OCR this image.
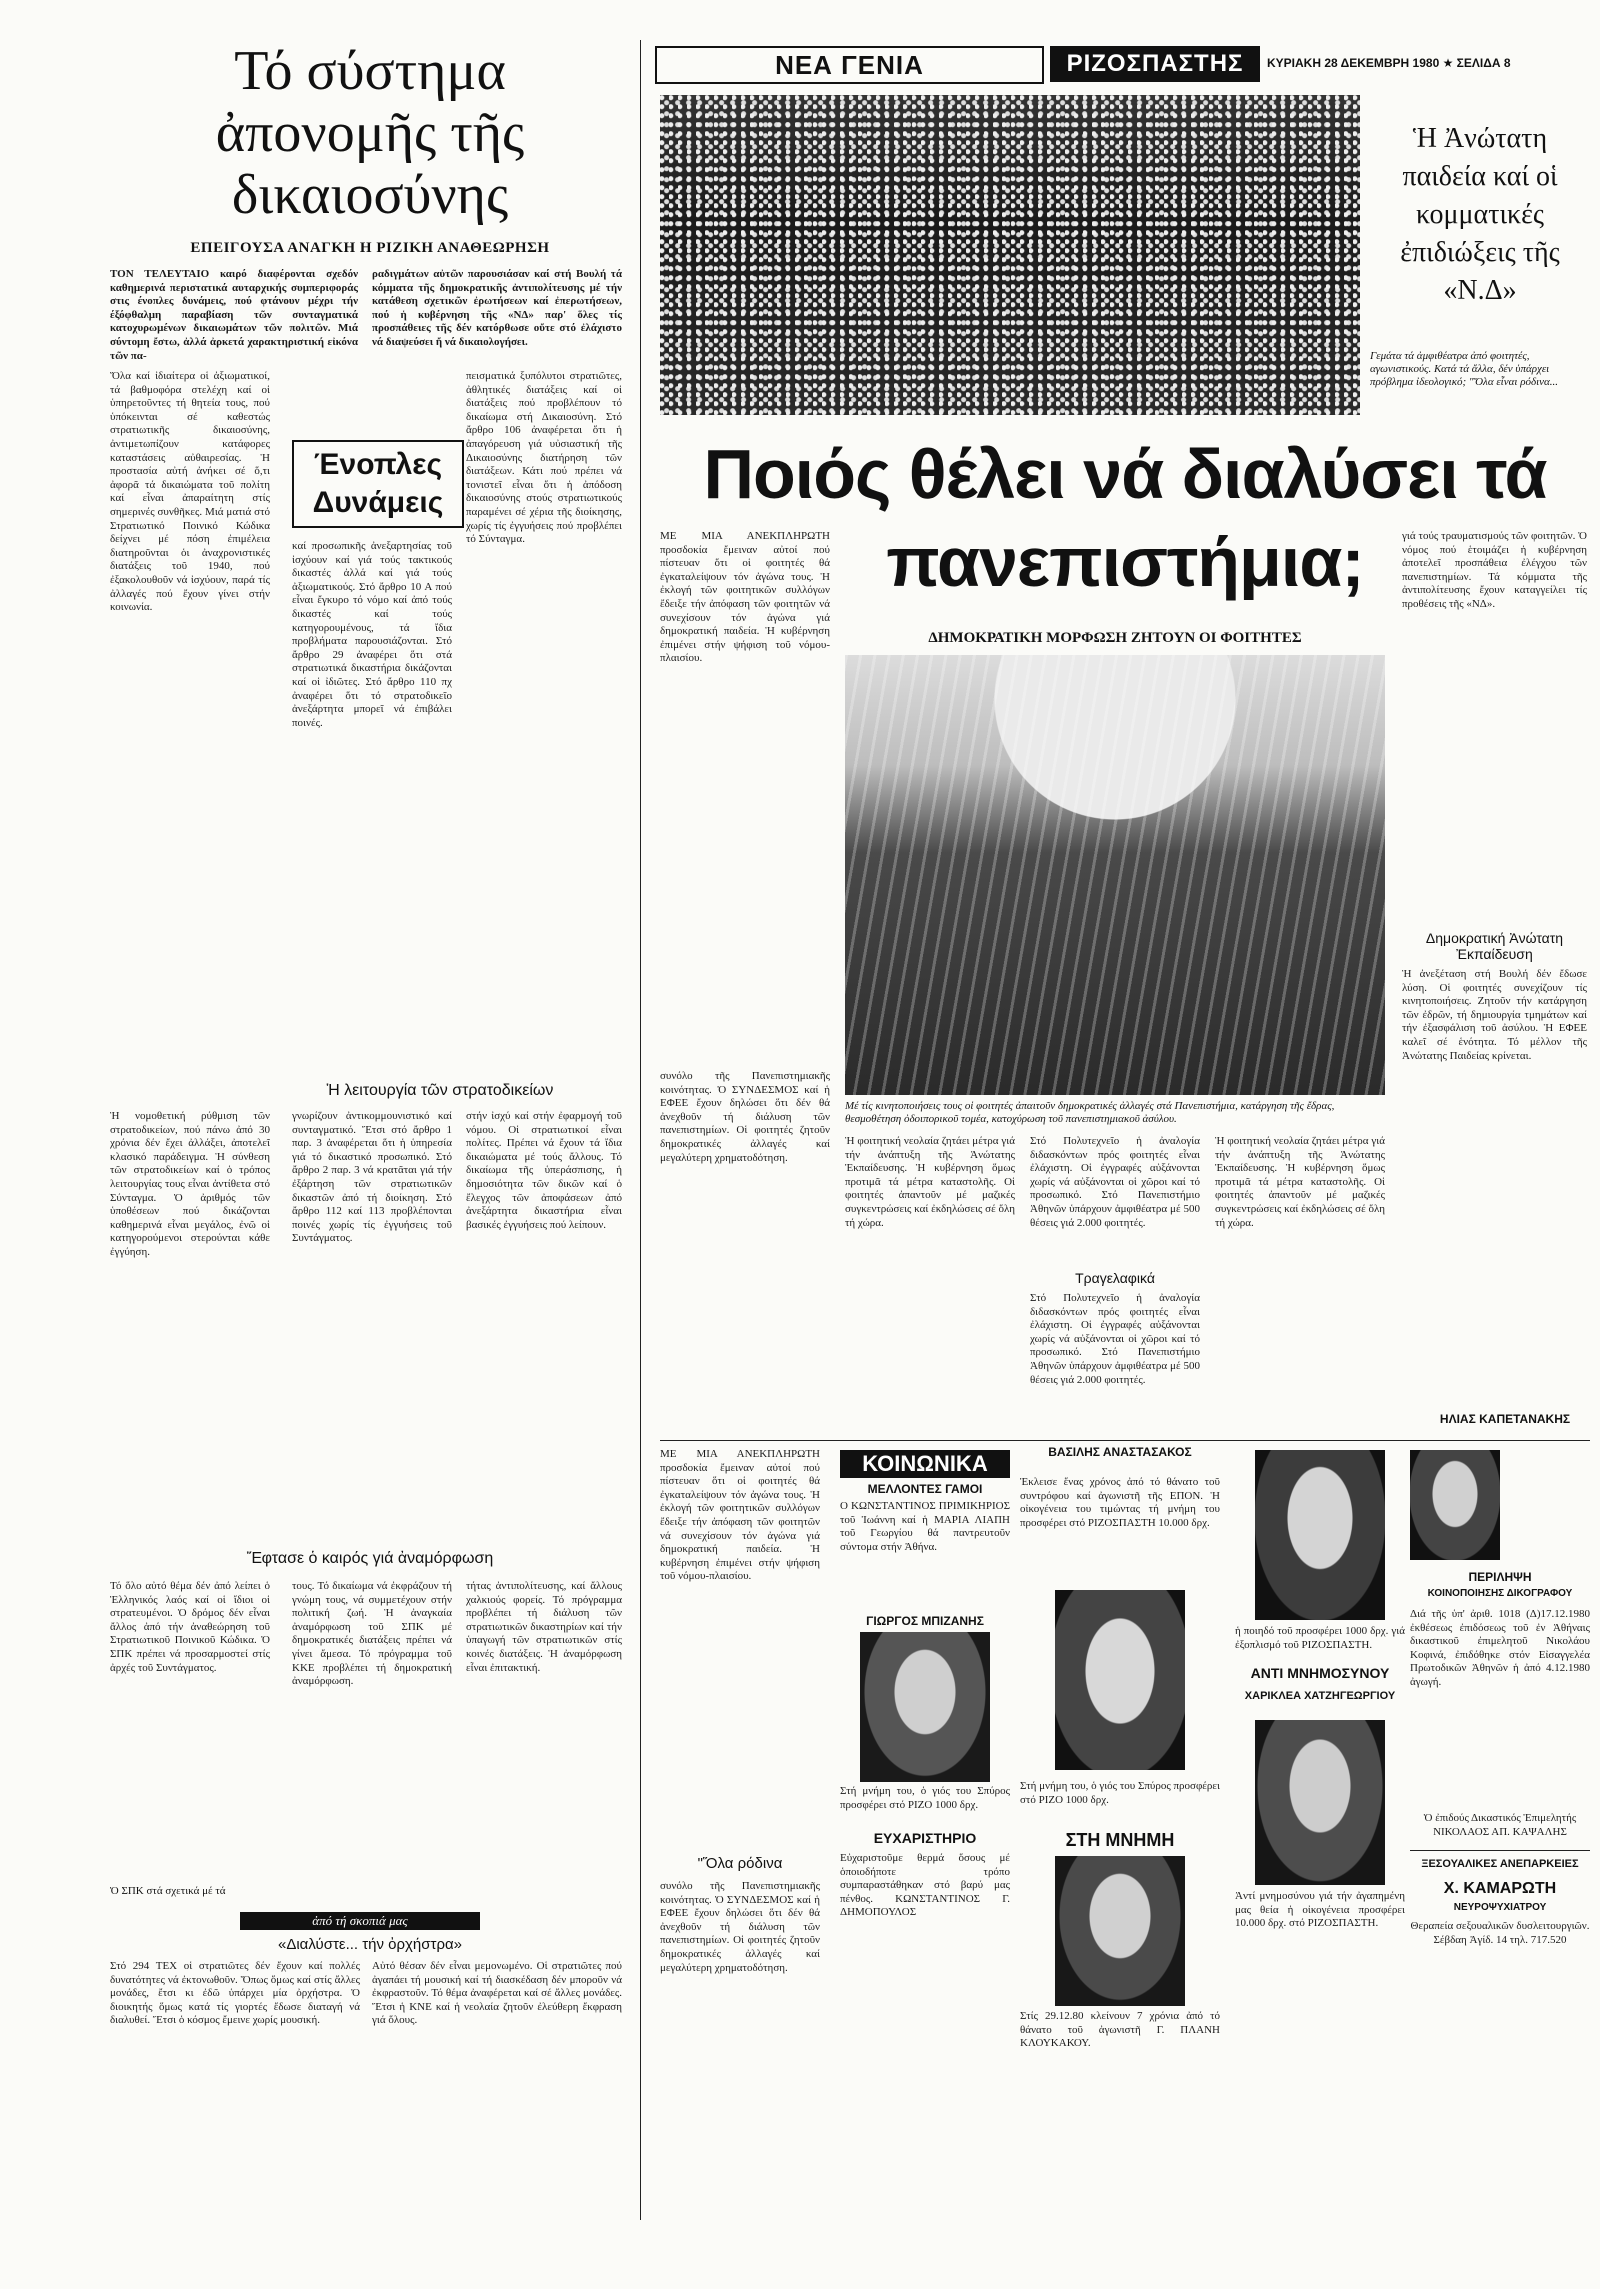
Τό σύστημα ἀπονομῆς τῆς δικαιοσύνης
ΕΠΕΙΓΟΥΣΑ ΑΝΑΓΚΗ Η ΡΙΖΙΚΗ ΑΝΑΘΕΩΡΗΣΗ
ΤΟΝ ΤΕΛΕΥΤΑΙΟ καιρό διαφέρονται σχεδόν καθημερινά περιστατικά αυταρχικής συμπεριφοράς στις ένοπλες δυνάμεις, πού φτάνουν μέχρι τήν έξόφθαλμη παραβίαση τῶν συνταγματικά κατοχυρωμένων δικαιωμάτων τῶν πολιτῶν. Μιά σύντομη ἔστω, ἀλλά ἀρκετά χαρακτηριστική εἰκόνα τῶν πα-
ραδιγμάτων αὐτῶν παρουσιάσαν καί στή Βουλή τά κόμματα τῆς δημοκρατικῆς ἀντιπολίτευσης μέ τήν κατάθεση σχετικῶν ἐρωτήσεων καί ἐπερωτήσεων, πού ἡ κυβέρνηση τῆς «ΝΔ» παρ' ὅλες τίς προσπάθειες τῆς δέν κατόρθωσε οὔτε στό ἐλάχιστο νά διαψεύσει ἤ νά δικαιολογήσει.
Ὅλα καί ἰδιαίτερα οἱ ἀξιωματικοί, τά βαθμοφόρα στελέχη καί οἱ ὑπηρετοῦντες τή θητεία τους, πού ὑπόκεινται σέ καθεστώς στρατιωτικῆς δικαιοσύνης, ἀντιμετωπίζουν κατάφορες καταστάσεις αὐθαιρεσίας. Ἡ προστασία αὐτή ἀνήκει σέ ὅ,τι ἀφορᾶ τά δικαιώματα τοῦ πολίτη καί εἶναι ἀπαραίτητη στίς σημερινές συνθῆκες. Μιά ματιά στό Στρατιωτικό Ποινικό Κώδικα δείχνει μέ πόση ἐπιμέλεια διατηροῦνται ὁι ἀναχρονιστικές διατάξεις τοῦ 1940, πού ἐξακολουθοῦν νά ἰσχύουν, παρά τίς ἀλλαγές πού ἔχουν γίνει στήν κοινωνία.
Ένοπλες Δυνάμεις
καί προσωπικῆς ἀνεξαρτησίας τοῦ ἰσχύουν καί γιά τούς τακτικούς δικαστές ἀλλά καί γιά τούς ἀξιωματικούς. Στό ἄρθρο 10 Α πού εἶναι ἔγκυρο τό νόμο καί ἀπό τούς δικαστές καί τούς κατηγορουμένους, τά ἴδια προβλήματα παρουσιάζονται. Στό ἄρθρο 29 ἀναφέρει ὅτι στά στρατιωτικά δικαστήρια δικάζονται καί οἱ ἰδιῶτες. Στό ἄρθρο 110 πχ ἀναφέρει ὅτι τό στρατοδικεῖο ἀνεξάρτητα μπορεῖ νά ἐπιβάλει ποινές.
πεισματικά ξυπόλυτοι στρατιῶτες, ἀθλητικές διατάξεις καί οἱ διατάξεις πού προβλέπουν τό δικαίωμα στή Δικαιοσύνη. Στό ἄρθρο 106 ἀναφέρεται ὅτι ἡ ἀπαγόρευση γιά υὐσιαστική τῆς Δικαιοσύνης διατήρηση τῶν διατάξεων. Κάτι πού πρέπει νά τονιστεῖ εἶναι ὅτι ἡ ἀπόδοση δικαιοσύνης στούς στρατιωτικούς παραμένει σέ χέρια τῆς διοίκησης, χωρίς τίς ἐγγυήσεις πού προβλέπει τό Σύνταγμα.
Ἡ λειτουργία τῶν στρατοδικείων
Ἡ νομοθετική ρύθμιση τῶν στρατοδικείων, πού πάνω ἀπό 30 χρόνια δέν ἔχει ἀλλάξει, ἀποτελεῖ κλασικό παράδειγμα. Ἡ σύνθεση τῶν στρατοδικείων καί ὁ τρόπος λειτουργίας τους εἶναι ἀντίθετα στό Σύνταγμα. Ὁ ἀριθμός τῶν ὑποθέσεων πού δικάζονται καθημερινά εἶναι μεγάλος, ἐνῶ οἱ κατηγορούμενοι στερούνται κάθε ἐγγύηση.
γνωρίζουν ἀντικομμουνιστικό καί συνταγματικό. Ἔτσι στό ἄρθρο 1 παρ. 3 ἀναφέρεται ὅτι ἡ ὑπηρεσία γιά τό δικαστικό προσωπικό. Στό ἄρθρο 2 παρ. 3 νά κρατᾶται γιά τήν ἐξάρτηση τῶν στρατιωτικῶν δικαστῶν ἀπό τή διοίκηση. Στό ἄρθρο 112 καί 113 προβλέπονται ποινές χωρίς τίς ἐγγυήσεις τοῦ Συντάγματος.
στήν ἰσχύ καί στήν ἐφαρμογή τοῦ νόμου. Οἱ στρατιωτικοί εἶναι πολίτες. Πρέπει νά ἔχουν τά ἴδια δικαιώματα μέ τούς ἄλλους. Τό δικαίωμα τῆς ὑπεράσπισης, ἡ δημοσιότητα τῶν δικῶν καί ὁ ἔλεγχος τῶν ἀποφάσεων ἀπό ἀνεξάρτητα δικαστήρια εἶναι βασικές ἐγγυήσεις πού λείπουν.
Ἔφτασε ὁ καιρός γιά ἀναμόρφωση
Τό ὅλο αὐτό θέμα δέν ἀπό λείπει ὁ Ἑλληνικός λαός καί οἱ ἴδιοι οἱ στρατευμένοι. Ὁ δρόμος δέν εἶναι ἄλλος ἀπό τήν ἀναθεώρηση τοῦ Στρατιωτικοῦ Ποινικοῦ Κώδικα. Ὁ ΣΠΚ πρέπει νά προσαρμοστεί στίς ἀρχές τοῦ Συντάγματος.
τους. Τό δικαίωμα νά ἐκφράζουν τή γνώμη τους, νά συμμετέχουν στήν πολιτική ζωή. Ἡ ἀναγκαία ἀναμόρφωση τοῦ ΣΠΚ μέ δημοκρατικές διατάξεις πρέπει νά γίνει ἄμεσα. Τό πρόγραμμα τοῦ ΚΚΕ προβλέπει τή δημοκρατική ἀναμόρφωση.
τήτας ἀντιπολίτευσης, καί ἄλλους χαλκιούς φορείς. Τό πρόγραμμα προβλέπει τή διάλυση τῶν στρατιωτικῶν δικαστηρίων καί τήν ὑπαγωγή τῶν στρατιωτικῶν στίς κοινές διατάξεις. Ἡ ἀναμόρφωση εἶναι ἐπιτακτική.
Ὁ ΣΠΚ στά σχετικά μέ τά
ἀπό τή σκοπιά μας
«Διαλύστε... τήν ὀρχήστρα»
Στό 294 ΤΕΧ οἱ στρατιῶτες δέν ἔχουν καί πολλές δυνατότητες νά ἐκτονωθοῦν. Ὅπως ὅμως καί στίς ἄλλες μονάδες, ἔτσι κι ἐδῶ ὑπάρχει μία ὀρχήστρα. Ὁ διοικητής ὅμως κατά τίς γιορτές ἔδωσε διαταγή νά διαλυθεί. Ἔτσι ὁ κόσμος ἔμεινε χωρίς μουσική.
Αὐτό θέσαν δέν εἶναι μεμονωμένο. Οἱ στρατιῶτες πού ἀγαπάει τή μουσική καί τή διασκέδαση δέν μποροῦν νά ἐκφραστοῦν. Τό θέμα ἀναφέρεται καί σέ ἄλλες μονάδες. Ἔτσι ἡ ΚΝΕ καί ἡ νεολαία ζητοῦν ἐλεύθερη ἔκφραση γιά ὅλους.
ΝΕΑ ΓΕΝΙΑ	ΡΙΖΟΣΠΑΣΤΗΣ	ΚΥΡΙΑΚΗ 28 ΔΕΚΕΜΒΡΗ 1980 ★ ΣΕΛΙΔΑ 8
Ἡ Ἀνώτατη παιδεία καί οἱ κομματικές ἐπιδιώξεις τῆς «Ν.Δ»
Γεμάτα τά ἀμφιθέατρα ἀπό φοιτητές, αγωνιστικούς. Κατά τά ἄλλα, δέν ὑπάρχει πρόβλημα ἰδεολογικό; "Ὅλα εἶναι ρόδινα...
Ποιός θέλει νά διαλύσει τά πανεπιστήμια;
ΔΗΜΟΚΡΑΤΙΚΗ ΜΟΡΦΩΣΗ ΖΗΤΟΥΝ ΟΙ ΦΟΙΤΗΤΕΣ
ΜΕ ΜΙΑ ΑΝΕΚΠΛΗΡΩΤΗ προσδοκία ἔμειναν αὐτοί πού πίστευαν ὅτι οἱ φοιτητές θά ἐγκαταλείψουν τόν ἀγώνα τους. Ἡ ἐκλογή τῶν φοιτητικῶν συλλόγων ἔδειξε τήν ἀπόφαση τῶν φοιτητῶν νά συνεχίσουν τόν ἀγώνα γιά δημοκρατική παιδεία. Ἡ κυβέρνηση ἐπιμένει στήν ψήφιση τοῦ νόμου-πλαισίου.
γιά τούς τραυματισμούς τῶν φοιτητῶν. Ὁ νόμος πού ἑτοιμάζει ἡ κυβέρνηση ἀποτελεῖ προσπάθεια ἐλέγχου τῶν πανεπιστημίων. Τά κόμματα τῆς ἀντιπολίτευσης ἔχουν καταγγείλει τίς προθέσεις τῆς «ΝΔ».
Δημοκρατική Ἀνώτατη Ἐκπαίδευση
Ἡ ἀνεξέταση στή Βουλή δέν ἔδωσε λύση. Οἱ φοιτητές συνεχίζουν τίς κινητοποιήσεις. Ζητοῦν τήν κατάργηση τῶν ἐδρῶν, τή δημιουργία τμημάτων καί τήν ἐξασφάλιση τοῦ ἀσύλου. Ἡ ΕΦΕΕ καλεῖ σέ ἑνότητα. Τό μέλλον τῆς Ἀνώτατης Παιδείας κρίνεται.
ΗΛΙΑΣ ΚΑΠΕΤΑΝΑΚΗΣ
Μέ τίς κινητοποιήσεις τους οἱ φοιτητές ἀπαιτοῦν δημοκρατικές ἀλλαγές στά Πανεπιστήμια, κατάργηση τῆς ἔδρας, θεσμοθέτηση ὀδοιπορικοῦ τομέα, κατοχύρωση τοῦ πανεπιστημιακοῦ ἀσύλου.
συνόλο τῆς Πανεπιστημιακῆς κοινότητας. Ὁ ΣΥΝΔΕΣΜΟΣ καί ἡ ΕΦΕΕ ἔχουν δηλώσει ὅτι δέν θά ἀνεχθοῦν τή διάλυση τῶν πανεπιστημίων. Οἱ φοιτητές ζητοῦν δημοκρατικές ἀλλαγές καί μεγαλύτερη χρηματοδότηση.
Ἡ φοιτητική νεολαία ζητάει μέτρα γιά τήν ἀνάπτυξη τῆς Ἀνώτατης Ἐκπαίδευσης. Ἡ κυβέρνηση ὅμως προτιμᾶ τά μέτρα καταστολῆς. Οἱ φοιτητές ἀπαντοῦν μέ μαζικές συγκεντρώσεις καί ἐκδηλώσεις σέ ὅλη τή χώρα.
Στό Πολυτεχνεῖο ἡ ἀναλογία διδασκόντων πρός φοιτητές εἶναι ἐλάχιστη. Οἱ ἐγγραφές αὐξάνονται χωρίς νά αὐξάνονται οἱ χῶροι καί τό προσωπικό. Στό Πανεπιστήμιο Ἀθηνῶν ὑπάρχουν ἀμφιθέατρα μέ 500 θέσεις γιά 2.000 φοιτητές.
Τραγελαφικά
Στό Πολυτεχνεῖο ἡ ἀναλογία διδασκόντων πρός φοιτητές εἶναι ἐλάχιστη. Οἱ ἐγγραφές αὐξάνονται χωρίς νά αὐξάνονται οἱ χῶροι καί τό προσωπικό. Στό Πανεπιστήμιο Ἀθηνῶν ὑπάρχουν ἀμφιθέατρα μέ 500 θέσεις γιά 2.000 φοιτητές.
Ἡ φοιτητική νεολαία ζητάει μέτρα γιά τήν ἀνάπτυξη τῆς Ἀνώτατης Ἐκπαίδευσης. Ἡ κυβέρνηση ὅμως προτιμᾶ τά μέτρα καταστολῆς. Οἱ φοιτητές ἀπαντοῦν μέ μαζικές συγκεντρώσεις καί ἐκδηλώσεις σέ ὅλη τή χώρα.
ΜΕ ΜΙΑ ΑΝΕΚΠΛΗΡΩΤΗ προσδοκία ἔμειναν αὐτοί πού πίστευαν ὅτι οἱ φοιτητές θά ἐγκαταλείψουν τόν ἀγώνα τους. Ἡ ἐκλογή τῶν φοιτητικῶν συλλόγων ἔδειξε τήν ἀπόφαση τῶν φοιτητῶν νά συνεχίσουν τόν ἀγώνα γιά δημοκρατική παιδεία. Ἡ κυβέρνηση ἐπιμένει στήν ψήφιση τοῦ νόμου-πλαισίου.
"Ὅλα ρόδινα
συνόλο τῆς Πανεπιστημιακῆς κοινότητας. Ὁ ΣΥΝΔΕΣΜΟΣ καί ἡ ΕΦΕΕ ἔχουν δηλώσει ὅτι δέν θά ἀνεχθοῦν τή διάλυση τῶν πανεπιστημίων. Οἱ φοιτητές ζητοῦν δημοκρατικές ἀλλαγές καί μεγαλύτερη χρηματοδότηση.
ΚΟΙΝΩΝΙΚΑ
ΜΕΛΛΟΝΤΕΣ ΓΑΜΟΙ
Ο ΚΩΝΣΤΑΝΤΙΝΟΣ ΠΡΙΜΙΚΗΡΙΟΣ τοῦ Ἰωάννη καί ἡ ΜΑΡΙΑ ΛΙΑΠΗ τοῦ Γεωργίου θά παντρευτοῦν σύντομα στήν Ἀθήνα.
ΓΙΩΡΓΟΣ ΜΠΙΖΑΝΗΣ
Στή μνήμη του, ὁ γιός του Σπύρος προσφέρει στό ΡΙΖΟ 1000 δρχ.
ΕΥΧΑΡΙΣΤΗΡΙΟ
Εὐχαριστοῦμε θερμά ὅσους μέ ὁποιοδήποτε τρόπο συμπαραστάθηκαν στό βαρύ μας πένθος. ΚΩΝΣΤΑΝΤΙΝΟΣ Γ. ΔΗΜΟΠΟΥΛΟΣ
ΒΑΣΙΛΗΣ ΑΝΑΣΤΑΣΑΚΟΣ
Ἐκλεισε ἕνας χρόνος ἀπό τό θάνατο τοῦ συντρόφου καί ἀγωνιστῆ τῆς ΕΠΟΝ. Ἡ οἰκογένεια του τιμώντας τή μνήμη του προσφέρει στό ΡΙΖΟΣΠΑΣΤΗ 10.000 δρχ.
Στή μνήμη του, ὁ γιός του Σπύρος προσφέρει στό ΡΙΖΟ 1000 δρχ.
ΣΤΗ ΜΝΗΜΗ
Στίς 29.12.80 κλείνουν 7 χρόνια ἀπό τό θάνατο τοῦ ἀγωνιστῆ Γ. ΠΛΑΝΗ ΚΛΟΥΚΑΚΟΥ.
ἡ ποιηδό τοῦ προσφέρει 1000 δρχ. γιά ἐξοπλισμό τοῦ ΡΙΖΟΣΠΑΣΤΗ.
ΑΝΤΙ ΜΝΗΜΟΣΥΝΟΥ
ΧΑΡΙΚΛΕΑ ΧΑΤΖΗΓΕΩΡΓΙΟΥ
Ἀντί μνημοσύνου γιά τήν ἀγαπημένη μας θεία ἡ οἰκογένεια προσφέρει 10.000 δρχ. στό ΡΙΖΟΣΠΑΣΤΗ.
ΠΕΡΙΛΗΨΗ
ΚΟΙΝΟΠΟΙΗΣΗΣ ΔΙΚΟΓΡΑΦΟΥ
Διά τῆς ὑπ' ἀριθ. 1018 (Δ)17.12.1980 ἐκθέσεως ἐπιδόσεως τοῦ ἐν Ἀθήναις δικαστικοῦ ἐπιμελητοῦ Νικολάου Κοφινά, ἐπιδόθηκε στόν Εἰσαγγελέα Πρωτοδικῶν Ἀθηνῶν ἡ ἀπό 4.12.1980 ἀγωγή.
Ὁ ἐπιδούς Δικαστικός Ἐπιμελητής ΝΙΚΟΛΑΟΣ ΑΠ. ΚΑΨΑΛΗΣ
ΞΕΣΟΥΑΛΙΚΕΣ ΑΝΕΠΑΡΚΕΙΕΣ
Χ. ΚΑΜΑΡΩΤΗ
ΝΕΥΡΟΨΥΧΙΑΤΡΟΥ
Θεραπεία σεξουαλικῶν δυσλειτουργιῶν. Σέβδαη Ἀγίδ. 14 τηλ. 717.520
